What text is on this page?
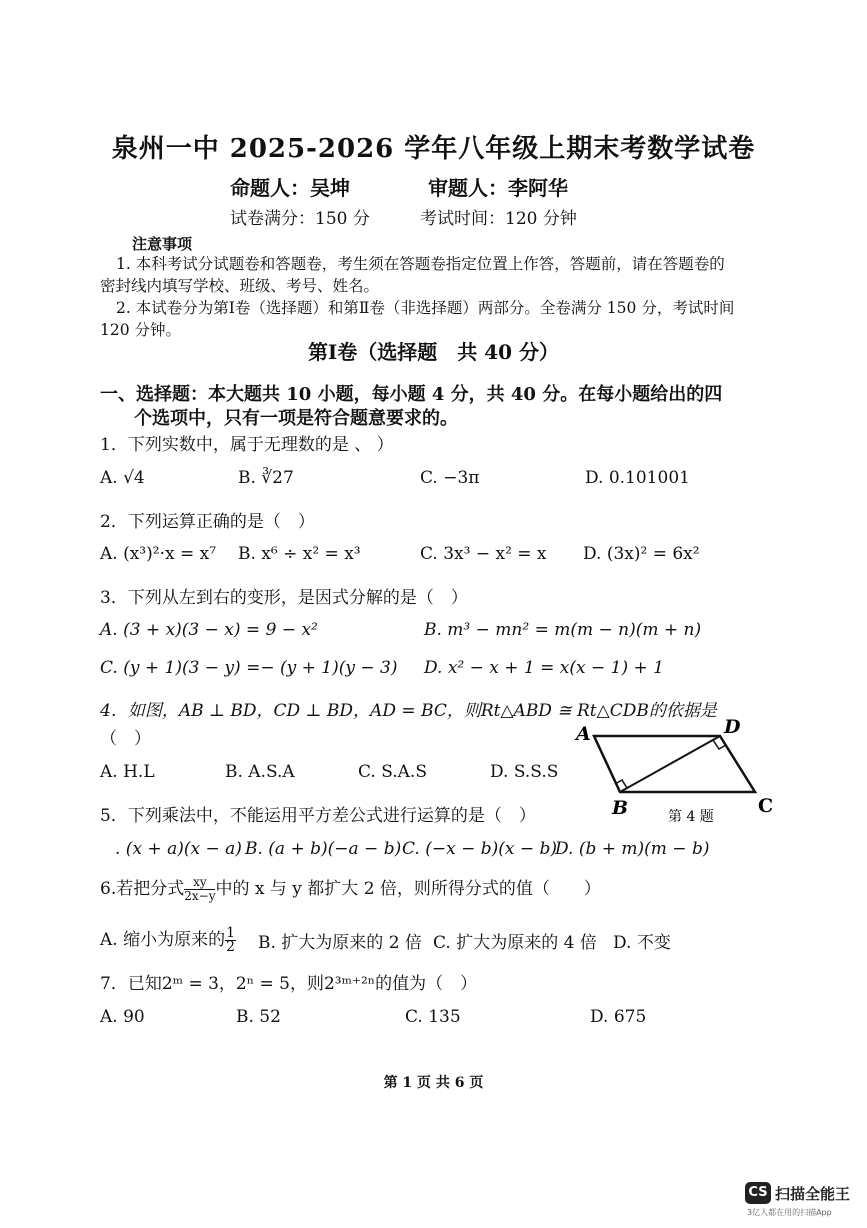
泉州一中 2025-2026 学年八年级上期末考数学试卷
命题人：吴坤	审题人：李阿华
试卷满分：150 分	考试时间：120 分钟
注意事项
1. 本科考试分试题卷和答题卷，考生须在答题卷指定位置上作答，答题前，请在答题卷的密封线内填写学校、班级、考号、姓名。
2. 本试卷分为第Ⅰ卷（选择题）和第Ⅱ卷（非选择题）两部分。全卷满分 150 分，考试时间 120 分钟。
第Ⅰ卷（选择题　共 40 分）
一、选择题：本大题共 10 小题，每小题 4 分，共 40 分。在每小题给出的四
个选项中，只有一项是符合题意要求的。
1．下列实数中，属于无理数的是 、 ）
A. √4	B. ∛27	C. −3π	D. 0.101001
2．下列运算正确的是（　）
A. (x³)²·x = x⁷ B. x⁶ ÷ x² = x³	C. 3x³ − x² = x D. (3x)² = 6x²
3．下列从左到右的变形，是因式分解的是（　）
A. (3 + x)(3 − x) = 9 − x²	B. m³ − mn² = m(m − n)(m + n)
C. (y + 1)(3 − y) =− (y + 1)(y − 3) D. x² − x + 1 = x(x − 1) + 1
4．如图，AB ⊥ BD，CD ⊥ BD，AD = BC，则Rt△ABD ≅ Rt△CDB的依据是
（　）
A. H.L	B. A.S.A	C. S.A.S	D. S.S.S
A	D
B	C
第 4 题
5．下列乘法中，不能运用平方差公式进行运算的是（　）
. (x + a)(x − a) B. (a + b)(−a − b) C. (−x − b)(x − b)
D. (b + m)(m − b)
6.若把分式 $\frac{xy}{2x-y}$ 中的 x 与 y 都扩大 2 倍，则所得分式的值（　　）
A. 缩小为原来的 $\frac{1}{2} B$. 扩大为原来的 2 倍 C. 扩大为原来的 4 倍 D. 不变
7．已知2ᵐ = 3，2ⁿ = 5，则2³ᵐ⁺²ⁿ的值为（　）
A. 90	B. 52	C. 135	D. 675
第 1 页 共 6 页
CS 扫描全能王
3亿人都在用的扫描App
